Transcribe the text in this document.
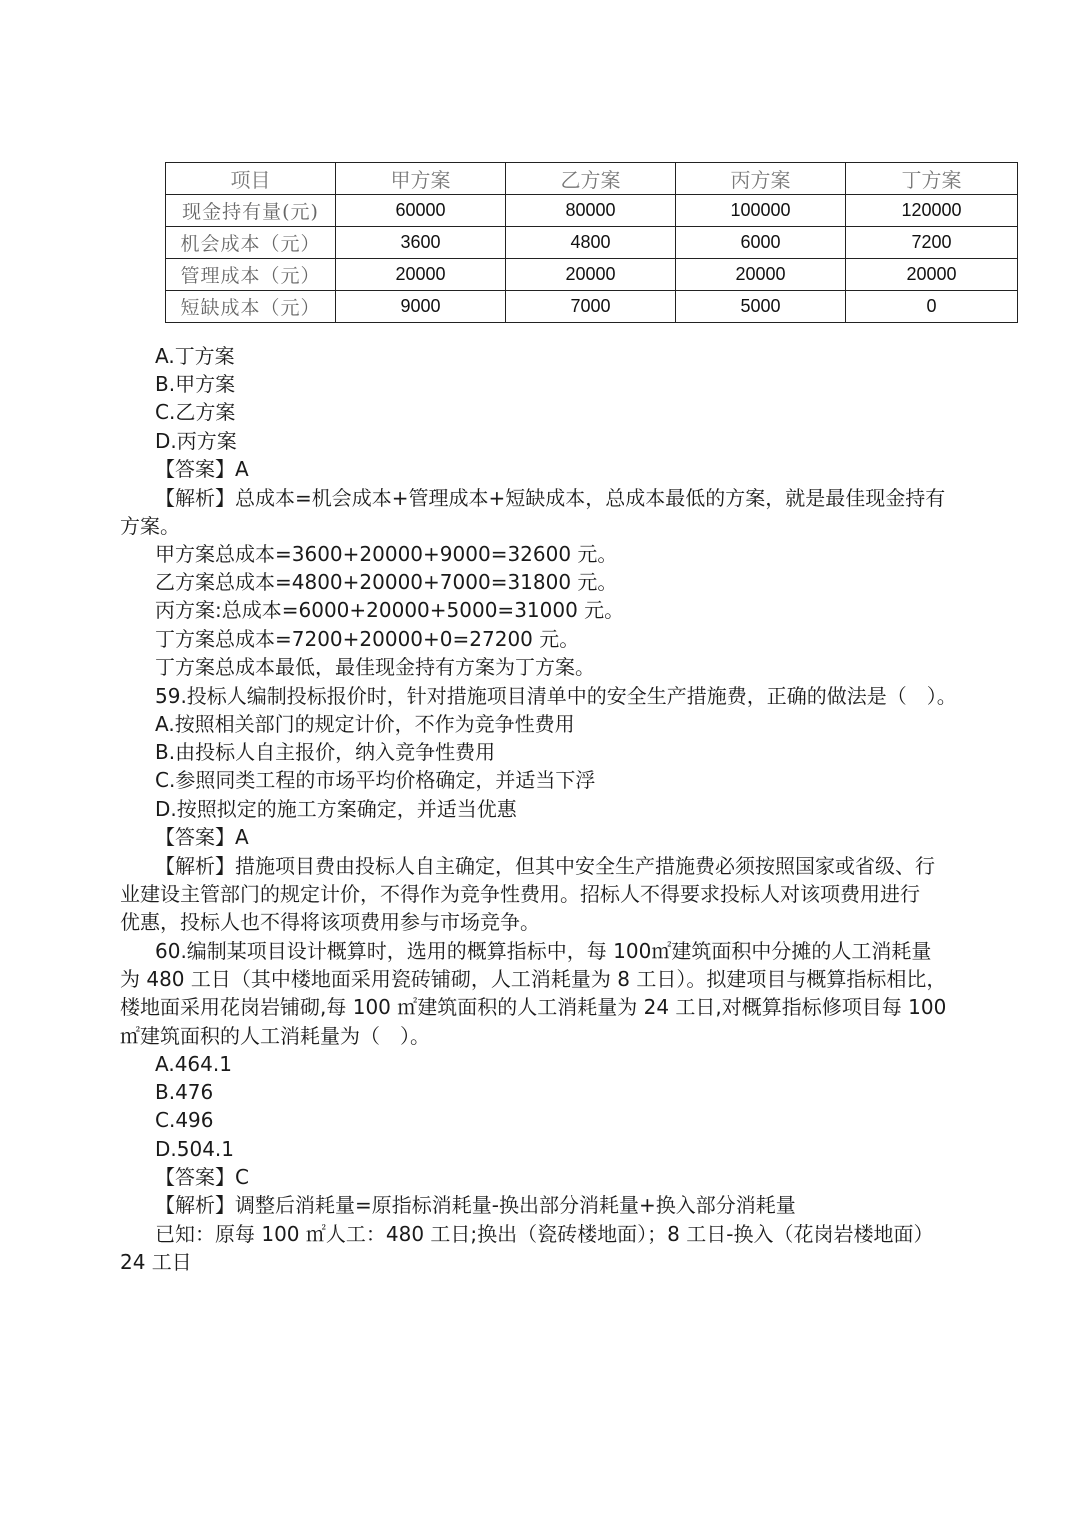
项目	甲方案	乙方案	丙方案	丁方案
现金持有量(元)	60000	80000	100000	120000
机会成本（元）	3600	4800	6000	7200
管理成本（元）	20000	20000	20000	20000
短缺成本（元）	9000	7000	5000	0
A.丁方案
B.甲方案
C.乙方案
D.丙方案
【答案】A
【解析】总成本=机会成本+管理成本+短缺成本，总成本最低的方案，就是最佳现金持有
方案。
甲方案总成本=3600+20000+9000=32600 元。
乙方案总成本=4800+20000+7000=31800 元。
丙方案:总成本=6000+20000+5000=31000 元。
丁方案总成本=7200+20000+0=27200 元。
丁方案总成本最低，最佳现金持有方案为丁方案。
59.投标人编制投标报价时，针对措施项目清单中的安全生产措施费，正确的做法是（　）。
A.按照相关部门的规定计价，不作为竞争性费用
B.由投标人自主报价，纳入竞争性费用
C.参照同类工程的市场平均价格确定，并适当下浮
D.按照拟定的施工方案确定，并适当优惠
【答案】A
【解析】措施项目费由投标人自主确定，但其中安全生产措施费必须按照国家或省级、行
业建设主管部门的规定计价，不得作为竞争性费用。招标人不得要求投标人对该项费用进行
优惠，投标人也不得将该项费用参与市场竞争。
60.编制某项目设计概算时，选用的概算指标中，每 100㎡建筑面积中分摊的人工消耗量
为 480 工日（其中楼地面采用瓷砖铺砌，人工消耗量为 8 工日）。拟建项目与概算指标相比，
楼地面采用花岗岩铺砌,每 100 ㎡建筑面积的人工消耗量为 24 工日,对概算指标修项目每 100
㎡建筑面积的人工消耗量为（　）。
A.464.1
B.476
C.496
D.504.1
【答案】C
【解析】调整后消耗量=原指标消耗量-换出部分消耗量+换入部分消耗量
已知：原每 100 ㎡人工：480 工日;换出（瓷砖楼地面）；8 工日-换入（花岗岩楼地面）
24 工日
